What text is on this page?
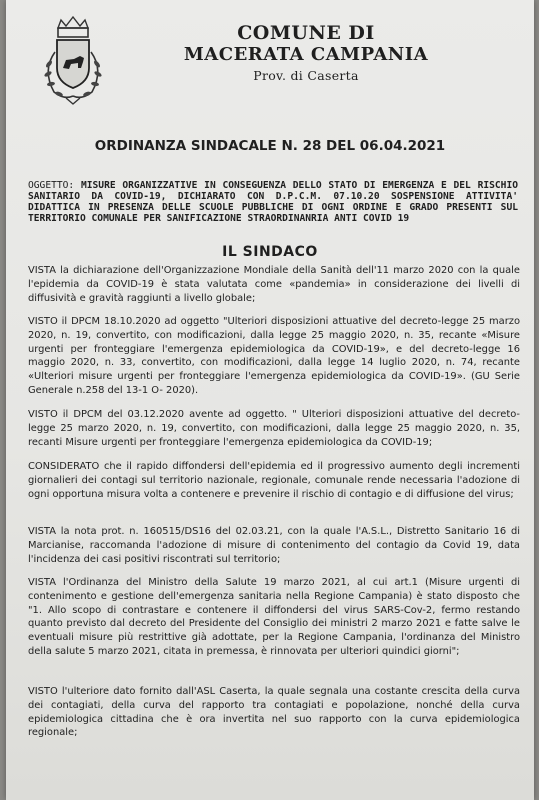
COMUNE DI
MACERATA CAMPANIA
Prov. di Caserta
ORDINANZA SINDACALE N. 28 DEL 06.04.2021
OGGETTO: MISURE ORGANIZZATIVE IN CONSEGUENZA DELLO STATO DI EMERGENZA E DEL RISCHIO SANITARIO DA COVID-19, DICHIARATO CON D.P.C.M. 07.10.20 SOSPENSIONE ATTIVITA' DIDATTICA IN PRESENZA DELLE SCUOLE PUBBLICHE DI OGNI ORDINE E GRADO PRESENTI SUL TERRITORIO COMUNALE PER SANIFICAZIONE STRAORDINANRIA ANTI COVID 19
IL SINDACO
VISTA la dichiarazione dell'Organizzazione Mondiale della Sanità dell'11 marzo 2020 con la quale l'epidemia da COVID-19 è stata valutata come «pandemia» in considerazione dei livelli di diffusività e gravità raggiunti a livello globale;
VISTO il DPCM 18.10.2020 ad oggetto "Ulteriori disposizioni attuative del decreto-legge 25 marzo 2020, n. 19, convertito, con modificazioni, dalla legge 25 maggio 2020, n. 35, recante «Misure urgenti per fronteggiare l'emergenza epidemiologica da COVID-19», e del decreto-legge 16 maggio 2020, n. 33, convertito, con modificazioni, dalla legge 14 luglio 2020, n. 74, recante «Ulteriori misure urgenti per fronteggiare l'emergenza epidemiologica da COVID-19». (GU Serie Generale n.258 del 13-1 O- 2020).
VISTO il DPCM del 03.12.2020 avente ad oggetto. " Ulteriori disposizioni attuative del decreto-legge 25 marzo 2020, n. 19, convertito, con modificazioni, dalla legge 25 maggio 2020, n. 35, recanti Misure urgenti per fronteggiare l'emergenza epidemiologica da COVID-19;
CONSIDERATO che il rapido diffondersi dell'epidemia ed il progressivo aumento degli incrementi giornalieri dei contagi sul territorio nazionale, regionale, comunale rende necessaria l'adozione di ogni opportuna misura volta a contenere e prevenire il rischio di contagio e di diffusione del virus;
VISTA la nota prot. n. 160515/DS16 del 02.03.21, con la quale l'A.S.L., Distretto Sanitario 16 di Marcianise, raccomanda l'adozione di misure di contenimento del contagio da Covid 19, data l'incidenza dei casi positivi riscontrati sul territorio;
VISTA l'Ordinanza del Ministro della Salute 19 marzo 2021, al cui art.1 (Misure urgenti di contenimento e gestione dell'emergenza sanitaria nella Regione Campania) è stato disposto che "1. Allo scopo di contrastare e contenere il diffondersi del virus SARS-Cov-2, fermo restando quanto previsto dal decreto del Presidente del Consiglio dei ministri 2 marzo 2021 e fatte salve le eventuali misure più restrittive già adottate, per la Regione Campania, l'ordinanza del Ministro della salute 5 marzo 2021, citata in premessa, è rinnovata per ulteriori quindici giorni";
VISTO l'ulteriore dato fornito dall'ASL Caserta, la quale segnala una costante crescita della curva dei contagiati, della curva del rapporto tra contagiati e popolazione, nonché della curva epidemiologica cittadina che è ora invertita nel suo rapporto con la curva epidemiologica regionale;
